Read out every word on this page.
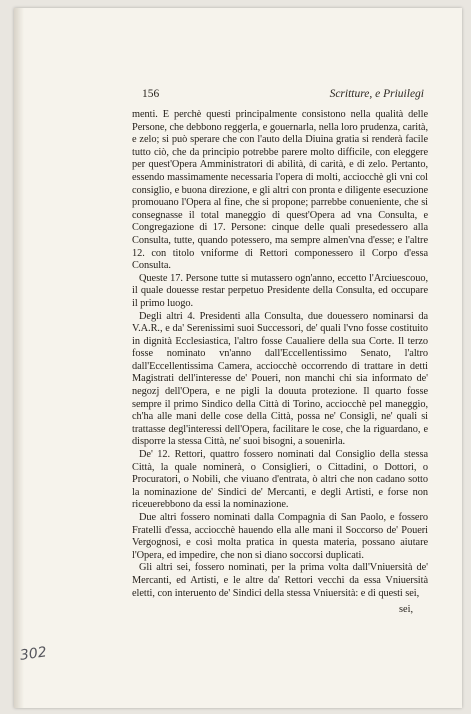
156	Scritture, e Priuilegi

menti. E perchè questi principalmente consistono nella qualità delle Persone, che debbono reggerla, e gouernarla, nella loro prudenza, carità, e zelo; si può sperare che con l'auto della Diuina gratia si renderà facile tutto ciò, che da principio potrebbe parere molto difficile, con eleggere per quest'Opera Amministratori di abilità, di carità, e di zelo. Pertanto, essendo massimamente necessaria l'opera di molti, acciocchè gli vni col consiglio, e buona direzione, e gli altri con pronta e diligente esecuzione promouano l'Opera al fine, che si propone; parrebbe conueniente, che si consegnasse il total maneggio di quest'Opera ad vna Consulta, e Congregazione di 17. Persone: cinque delle quali presedessero alla Consulta, tutte, quando potessero, ma sempre almen'vna d'esse; e l'altre 12. con titolo vniforme di Rettori componessero il Corpo d'essa Consulta.

Queste 17. Persone tutte si mutassero ogn'anno, eccetto l'Arciuescouo, il quale douesse restar perpetuo Presidente della Consulta, ed occupare il primo luogo.

Degli altri 4. Presidenti alla Consulta, due douessero nominarsi da V.A.R., e da' Serenissimi suoi Successori, de' quali l'vno fosse costituito in dignità Ecclesiastica, l'altro fosse Caualiere della sua Corte. Il terzo fosse nominato vn'anno dall'Eccellentissimo Senato, l'altro dall'Eccellentissima Camera, acciocchè occorrendo di trattare in detti Magistrati dell'interesse de' Poueri, non manchi chi sia informato de' negozj dell'Opera, e ne pigli la douuta protezione. Il quarto fosse sempre il primo Sindico della Città di Torino, acciocchè pel maneggio, ch'ha alle mani delle cose della Città, possa ne' Consigli, ne' quali si trattasse degl'interessi dell'Opera, facilitare le cose, che la riguardano, e disporre la stessa Città, ne' suoi bisogni, a souenirla.

De' 12. Rettori, quattro fossero nominati dal Consiglio della stessa Città, la quale nominerà, o Consiglieri, o Cittadini, o Dottori, o Procuratori, o Nobili, che viuano d'entrata, ò altri che non cadano sotto la nominazione de' Sindici de' Mercanti, e degli Artisti, e forse non riceuerebbono da essi la nominazione.

Due altri fossero nominati dalla Compagnia di San Paolo, e fossero Fratelli d'essa, acciocchè hauendo ella alle mani il Soccorso de' Poueri Vergognosi, e così molta pratica in questa materia, possano aiutare l'Opera, ed impedire, che non si diano soccorsi duplicati.

Gli altri sei, fossero nominati, per la prima volta dall'Vniuersità de' Mercanti, ed Artisti, e le altre da' Rettori vecchi da essa Vniuersità eletti, con interuento de' Sindici della stessa Vniuersità: e di questi sei,

sei,
302
